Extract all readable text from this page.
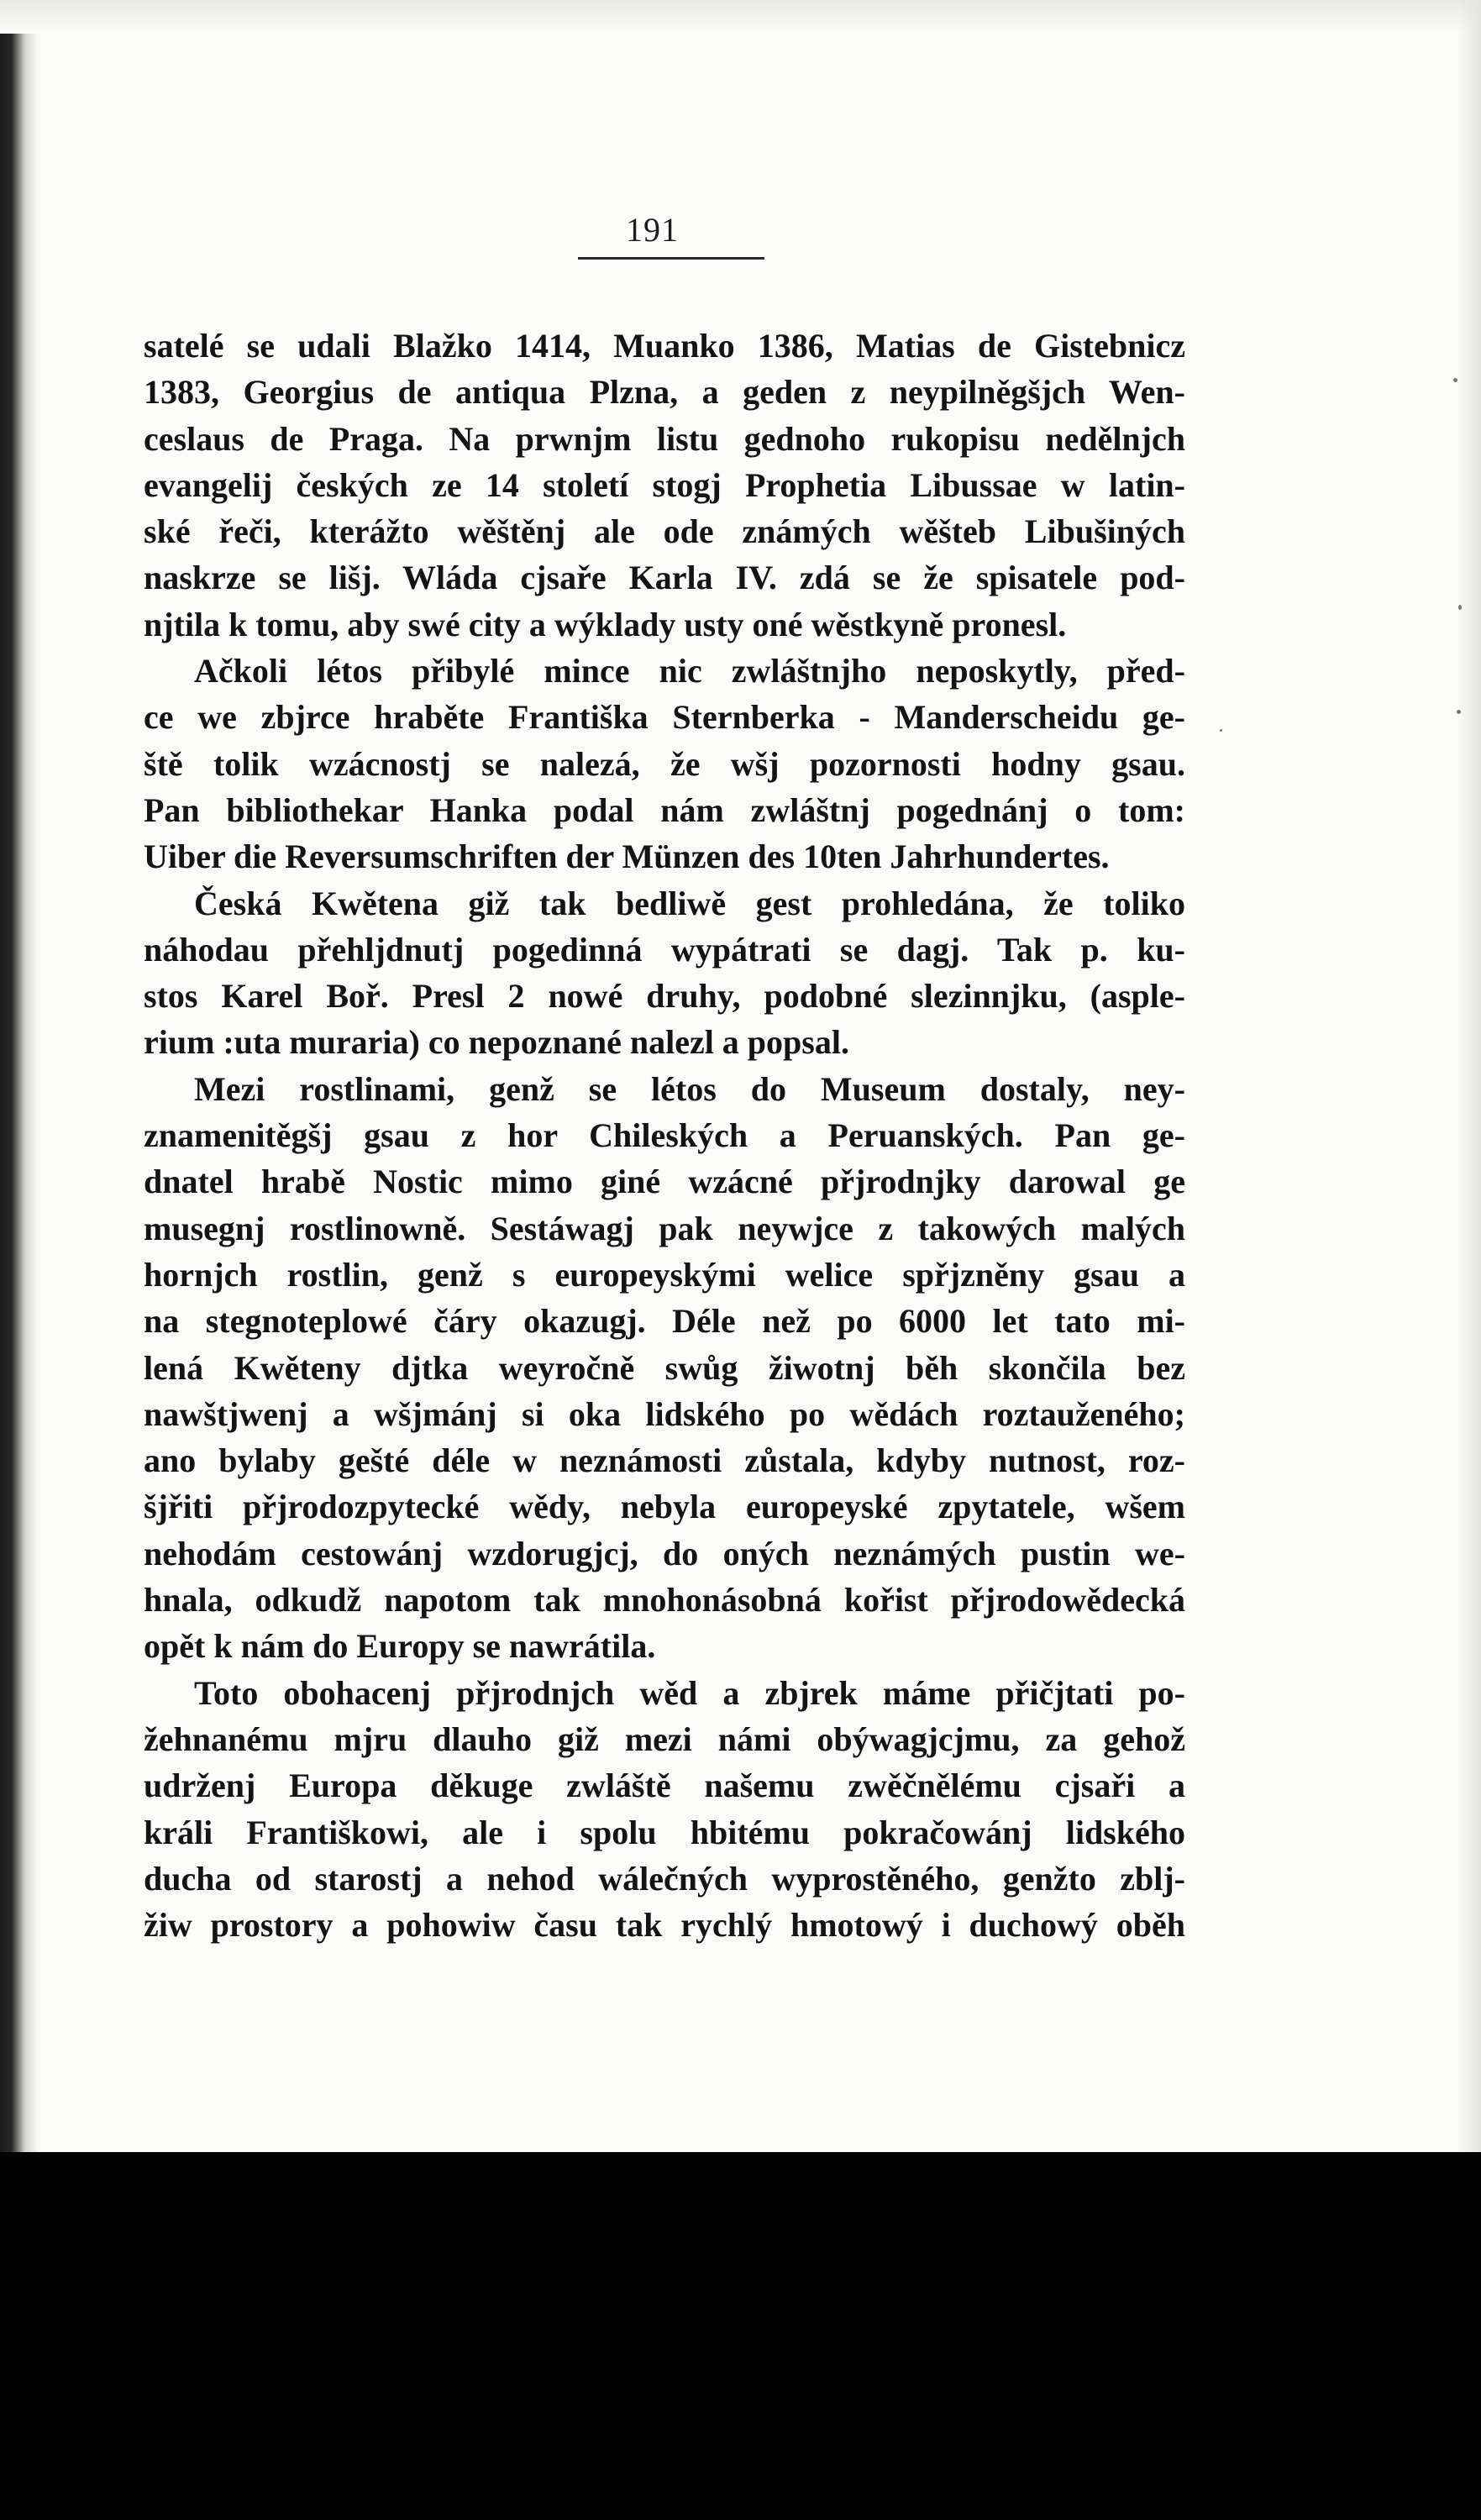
191
satelé se udali Blažko 1414, Muanko 1386, Matias de Gistebnicz
1383, Georgius de antiqua Plzna, a geden z neypilněgšjch Wen-
ceslaus de Praga. Na prwnjm listu gednoho rukopisu nedělnjch
evangelij českých ze 14 století stogj Prophetia Libussae w latin-
ské řeči, kterážto wěštěnj ale ode známých wěšteb Libušiných
naskrze se lišj. Wláda cjsaře Karla IV. zdá se že spisatele pod-
njtila k tomu, aby swé city a wýklady usty oné wěstkyně pronesl.
Ačkoli létos přibylé mince nic zwláštnjho neposkytly, před-
ce we zbjrce hraběte Františka Sternberka - Manderscheidu ge-
ště tolik wzácnostj se nalezá, že wšj pozornosti hodny gsau.
Pan bibliothekar Hanka podal nám zwláštnj pogednánj o tom:
Uiber die Reversumschriften der Münzen des 10ten Jahrhundertes.
Česká Kwětena giž tak bedliwě gest prohledána, že toliko
náhodau přehljdnutj pogedinná wypátrati se dagj. Tak p. ku-
stos Karel Boř. Presl 2 nowé druhy, podobné slezinnjku, (asple-
rium :uta muraria) co nepoznané nalezl a popsal.
Mezi rostlinami, genž se létos do Museum dostaly, ney-
znamenitěgšj gsau z hor Chileských a Peruanských. Pan ge-
dnatel hrabě Nostic mimo giné wzácné přjrodnjky darowal ge
musegnj rostlinowně. Sestáwagj pak neywjce z takowých malých
hornjch rostlin, genž s europeyskými welice spřjzněny gsau a
na stegnoteplowé čáry okazugj. Déle než po 6000 let tato mi-
lená Kwěteny djtka weyročně swůg žiwotnj běh skončila bez
nawštjwenj a wšjmánj si oka lidského po wědách roztauženého;
ano bylaby gešté déle w neznámosti zůstala, kdyby nutnost, roz-
šjřiti přjrodozpytecké wědy, nebyla europeyské zpytatele, wšem
nehodám cestowánj wzdorugjcj, do oných neznámých pustin we-
hnala, odkudž napotom tak mnohonásobná kořist přjrodowědecká
opět k nám do Europy se nawrátila.
Toto obohacenj přjrodnjch wěd a zbjrek máme přičjtati po-
žehnanému mjru dlauho giž mezi námi obýwagjcjmu, za gehož
udrženj Europa děkuge zwláště našemu zwěčnělému cjsaři a
králi Františkowi, ale i spolu hbitému pokračowánj lidského
ducha od starostj a nehod wálečných wyprostěného, genžto zblj-
žiw prostory a pohowiw času tak rychlý hmotowý i duchowý oběh
